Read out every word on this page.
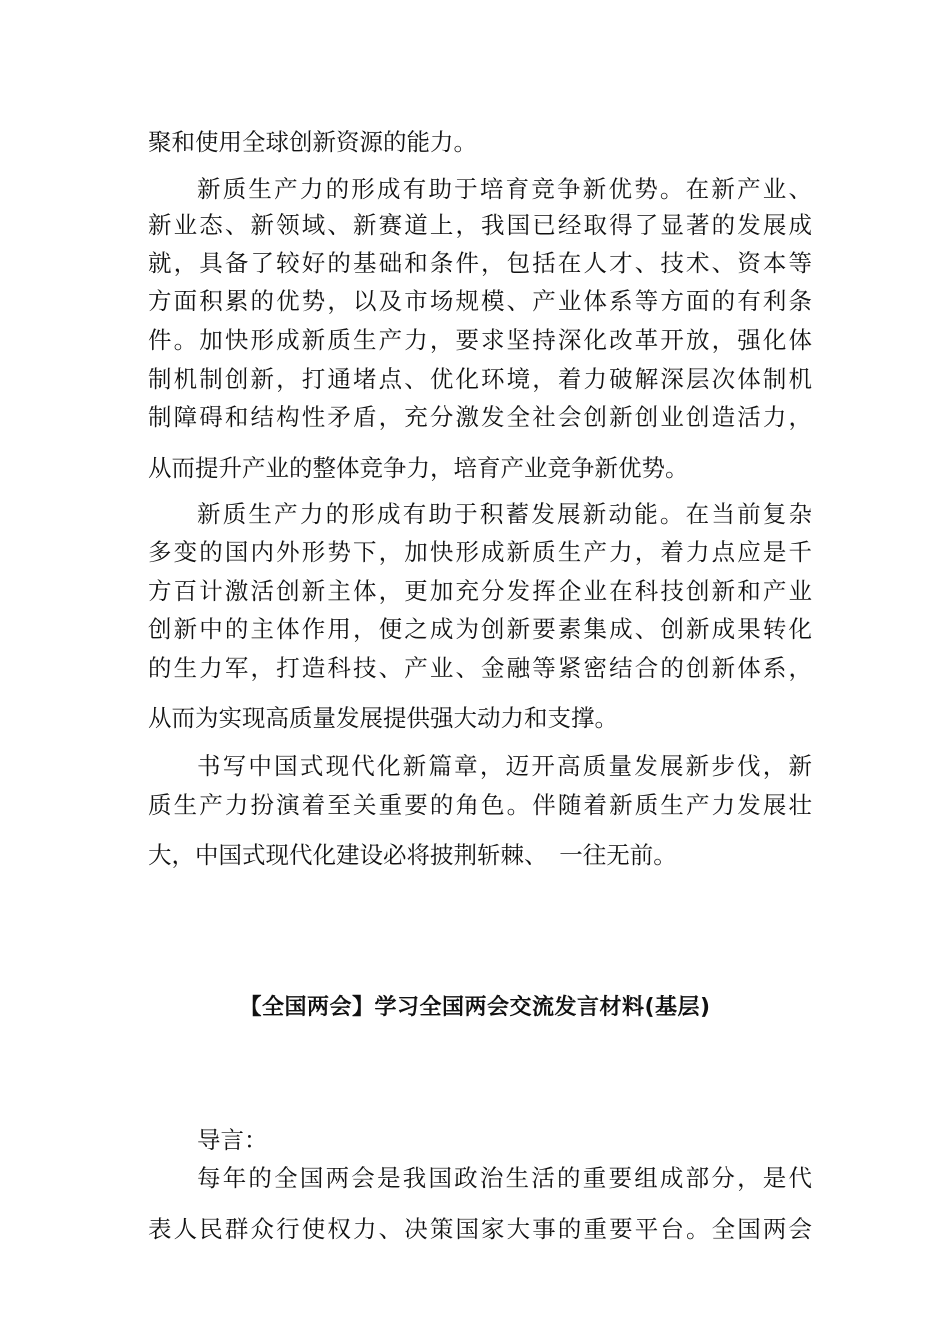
聚和使用全球创新资源的能力。
新质生产力的形成有助于培育竞争新优势。在新产业、
新业态、新领域、新赛道上，我国已经取得了显著的发展成
就，具备了较好的基础和条件，包括在人才、技术、资本等
方面积累的优势，以及市场规模、产业体系等方面的有利条
件。加快形成新质生产力，要求坚持深化改革开放，强化体
制机制创新，打通堵点、优化环境，着力破解深层次体制机
制障碍和结构性矛盾，充分激发全社会创新创业创造活力，
从而提升产业的整体竞争力，培育产业竞争新优势。
新质生产力的形成有助于积蓄发展新动能。在当前复杂
多变的国内外形势下，加快形成新质生产力，着力点应是千
方百计激活创新主体，更加充分发挥企业在科技创新和产业
创新中的主体作用，便之成为创新要素集成、创新成果转化
的生力军，打造科技、产业、金融等紧密结合的创新体系，
从而为实现高质量发展提供强大动力和支撑。
书写中国式现代化新篇章，迈开高质量发展新步伐，新
质生产力扮演着至关重要的角色。伴随着新质生产力发展壮
大，中国式现代化建设必将披荆斩棘、　一往无前。
【全国两会】学习全国两会交流发言材料(基层)
导言：
每年的全国两会是我国政治生活的重要组成部分，是代
表人民群众行使权力、决策国家大事的重要平台。全国两会
